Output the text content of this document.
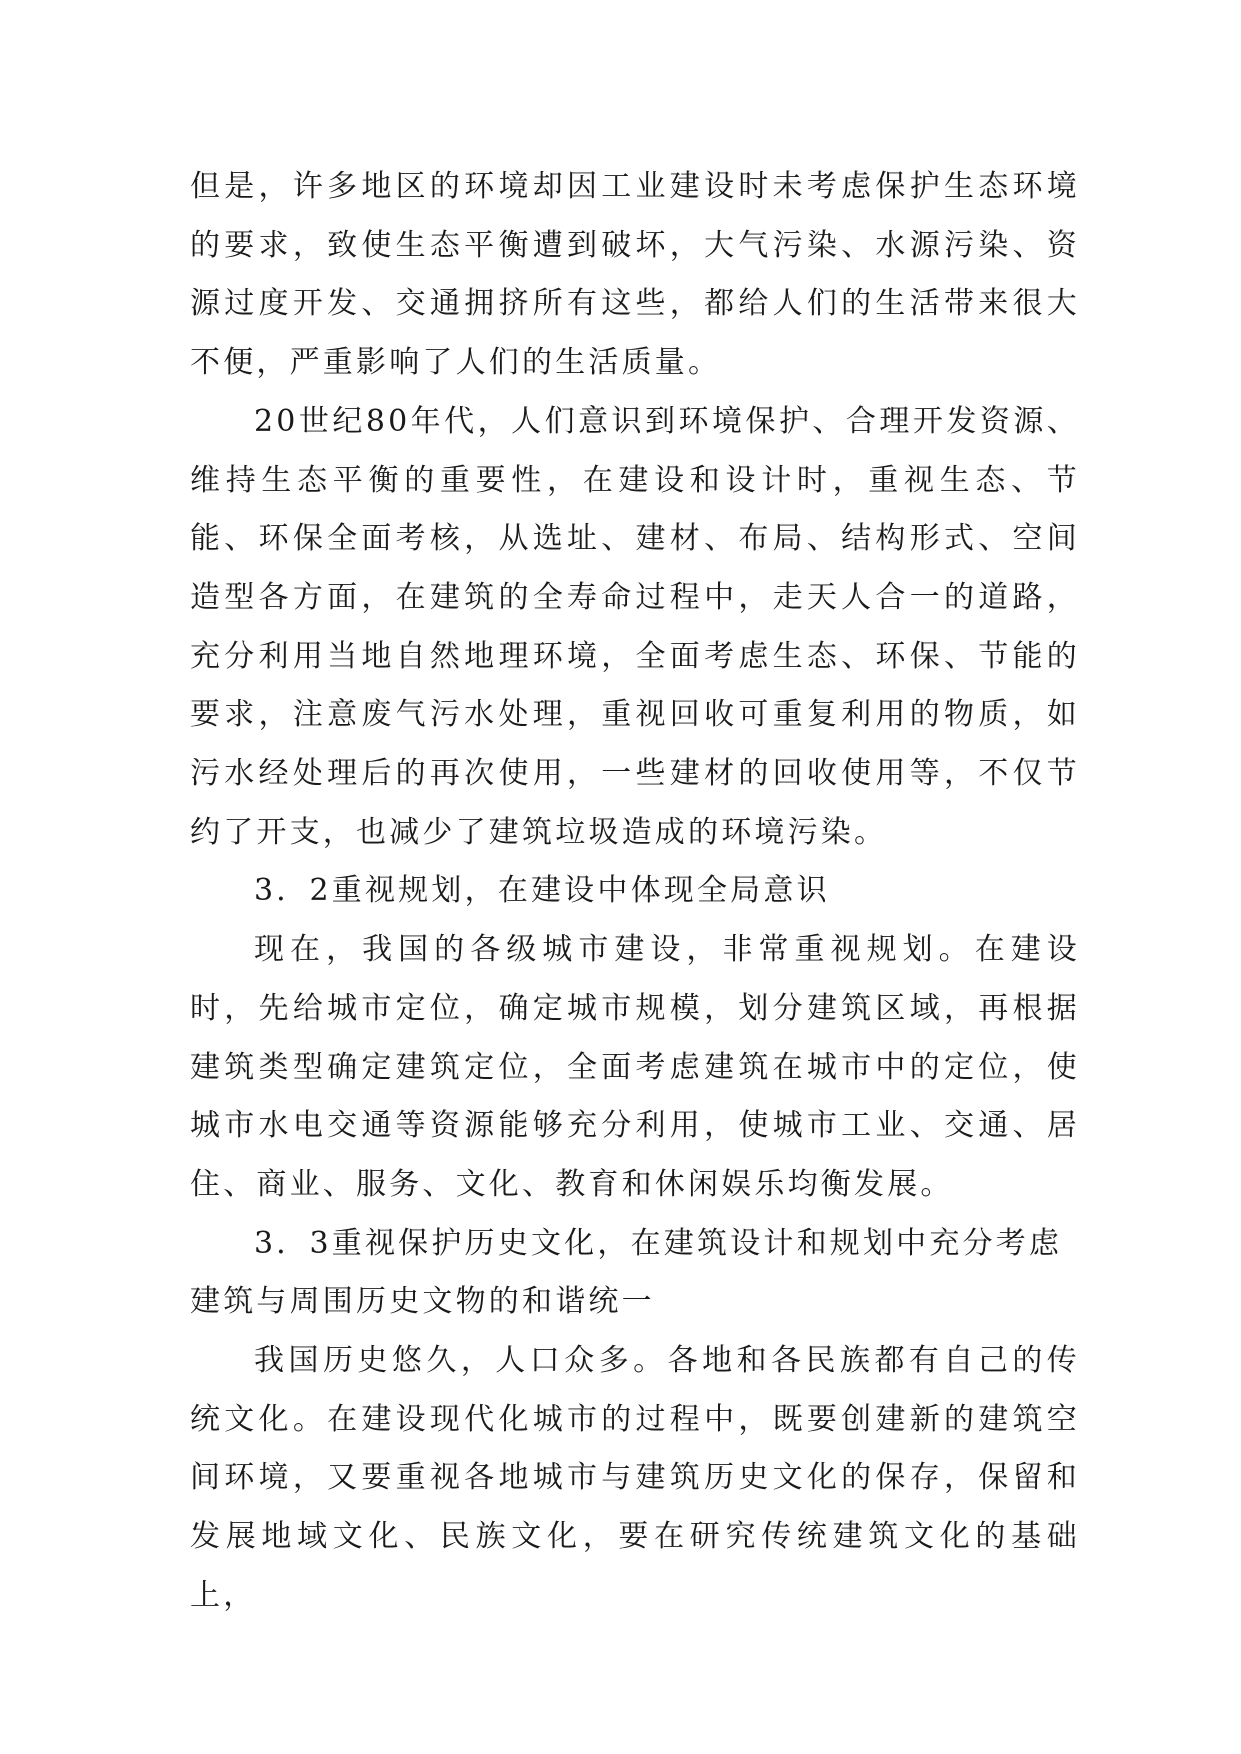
但是，许多地区的环境却因工业建设时未考虑保护生态环境的要求，致使生态平衡遭到破坏，大气污染、水源污染、资源过度开发、交通拥挤所有这些，都给人们的生活带来很大不便，严重影响了人们的生活质量。

20世纪80年代，人们意识到环境保护、合理开发资源、维持生态平衡的重要性，在建设和设计时，重视生态、节能、环保全面考核，从选址、建材、布局、结构形式、空间造型各方面，在建筑的全寿命过程中，走天人合一的道路，充分利用当地自然地理环境，全面考虑生态、环保、节能的要求，注意废气污水处理，重视回收可重复利用的物质，如污水经处理后的再次使用，一些建材的回收使用等，不仅节约了开支，也减少了建筑垃圾造成的环境污染。

3．2重视规划，在建设中体现全局意识

现在，我国的各级城市建设，非常重视规划。在建设时，先给城市定位，确定城市规模，划分建筑区域，再根据建筑类型确定建筑定位，全面考虑建筑在城市中的定位，使城市水电交通等资源能够充分利用，使城市工业、交通、居住、商业、服务、文化、教育和休闲娱乐均衡发展。

3．3重视保护历史文化，在建筑设计和规划中充分考虑建筑与周围历史文物的和谐统一

我国历史悠久，人口众多。各地和各民族都有自己的传统文化。在建设现代化城市的过程中，既要创建新的建筑空间环境，又要重视各地城市与建筑历史文化的保存，保留和发展地域文化、民族文化，要在研究传统建筑文化的基础上，
